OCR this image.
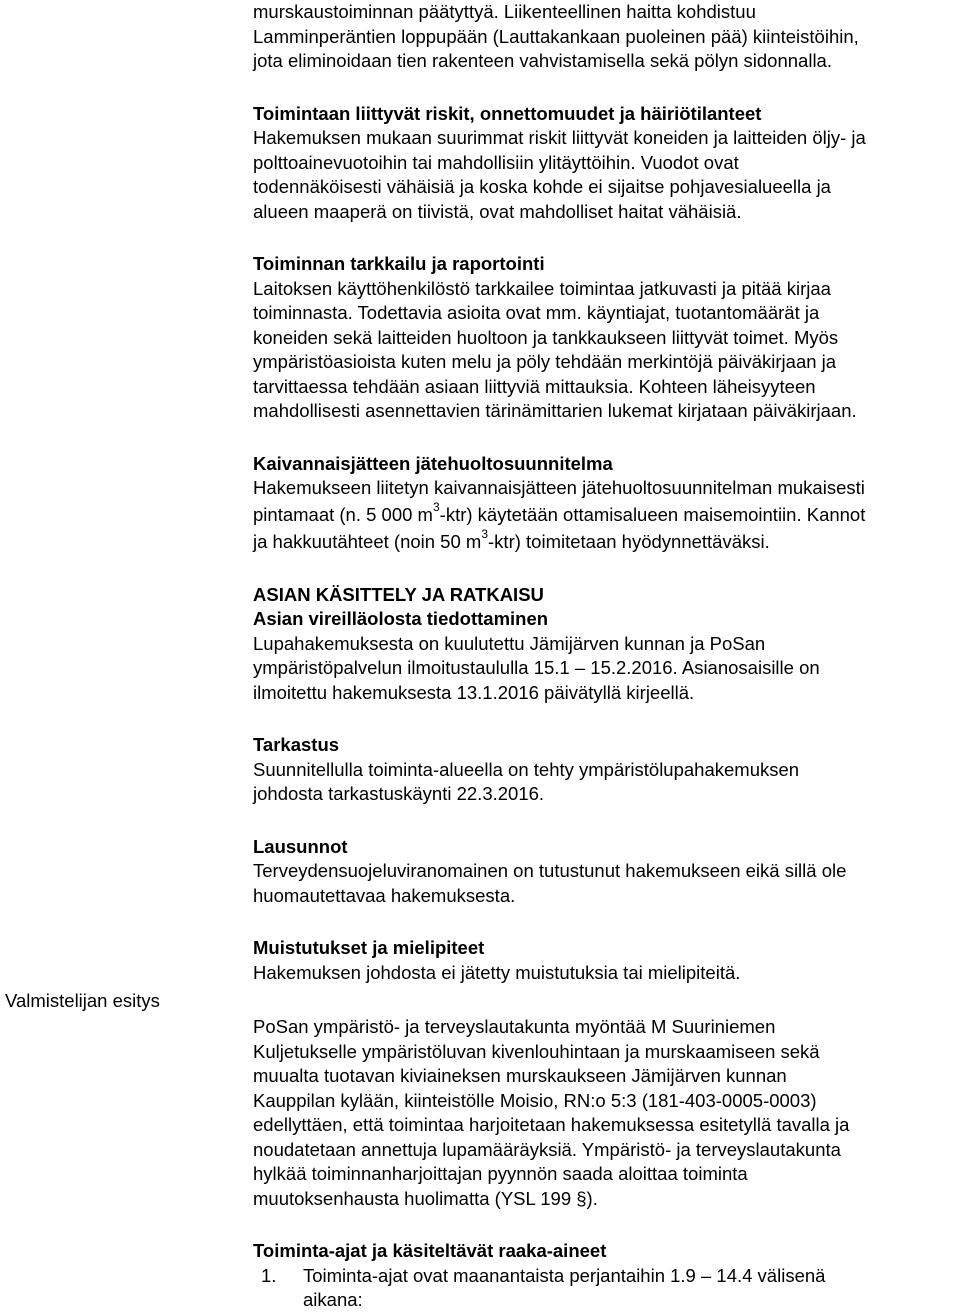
murskaustoiminnan päätyttyä. Liikenteellinen haitta kohdistuu

Lamminperäntien loppupään (Lauttakankaan puoleinen pää) kiinteistöihin,

jota eliminoidaan tien rakenteen vahvistamisella sekä pölyn sidonnalla.

Toimintaan liittyvät riskit, onnettomuudet ja häiriötilanteet

Hakemuksen mukaan suurimmat riskit liittyvät koneiden ja laitteiden öljy- ja

polttoainevuotoihin tai mahdollisiin ylitäyttöihin. Vuodot ovat

todennäköisesti vähäisiä ja koska kohde ei sijaitse pohjavesialueella ja

alueen maaperä on tiivistä, ovat mahdolliset haitat vähäisiä.

Toiminnan tarkkailu ja raportointi

Laitoksen käyttöhenkilöstö tarkkailee toimintaa jatkuvasti ja pitää kirjaa

toiminnasta. Todettavia asioita ovat mm. käyntiajat, tuotantomäärät ja

koneiden sekä laitteiden huoltoon ja tankkaukseen liittyvät toimet. Myös

ympäristöasioista kuten melu ja pöly tehdään merkintöjä päiväkirjaan ja

tarvittaessa tehdään asiaan liittyviä mittauksia. Kohteen läheisyyteen

mahdollisesti asennettavien tärinämittarien lukemat kirjataan päiväkirjaan.

Kaivannaisjätteen jätehuoltosuunnitelma

Hakemukseen liitetyn kaivannaisjätteen jätehuoltosuunnitelman mukaisesti

pintamaat (n. 5 000 $m^3-ktr$) käytetään ottamisalueen maisemointiin. Kannot

ja hakkuutähteet (noin 50 $m^3-ktr$) toimitetaan hyödynnettäväksi.

ASIAN KÄSITTELY JA RATKAISU
Asian vireilläolosta tiedottaminen

Lupahakemuksesta on kuulutettu Jämijärven kunnan ja PoSan

ympäristöpalvelun ilmoitustaululla 15.1 – 15.2.2016. Asianosaisille on

ilmoitettu hakemuksesta 13.1.2016 päivätyllä kirjeellä.

Tarkastus

Suunnitellulla toiminta-alueella on tehty ympäristölupahakemuksen

johdosta tarkastuskäynti 22.3.2016.

Lausunnot

Terveydensuojeluviranomainen on tutustunut hakemukseen eikä sillä ole

huomautettavaa hakemuksesta.

Muistutukset ja mielipiteet

Hakemuksen johdosta ei jätetty muistutuksia tai mielipiteitä.

PoSan ympäristö- ja terveyslautakunta myöntää M Suuriniemen

Kuljetukselle ympäristöluvan kivenlouhintaan ja murskaamiseen sekä

muualta tuotavan kiviaineksen murskaukseen Jämijärven kunnan

Kauppilan kylään, kiinteistölle Moisio, RN:o 5:3 (181-403-0005-0003)

edellyttäen, että toimintaa harjoitetaan hakemuksessa esitetyllä tavalla ja

noudatetaan annettuja lupamääräyksiä. Ympäristö- ja terveyslautakunta

hylkää toiminnanharjoittajan pyynnön saada aloittaa toiminta

muutoksenhausta huolimatta (YSL 199 §).

Toiminta-ajat ja käsiteltävät raaka-aineet
1.	Toiminta-ajat ovat maanantaista perjantaihin 1.9 – 14.4 välisenä
aikana:
Valmistelijan esitys
